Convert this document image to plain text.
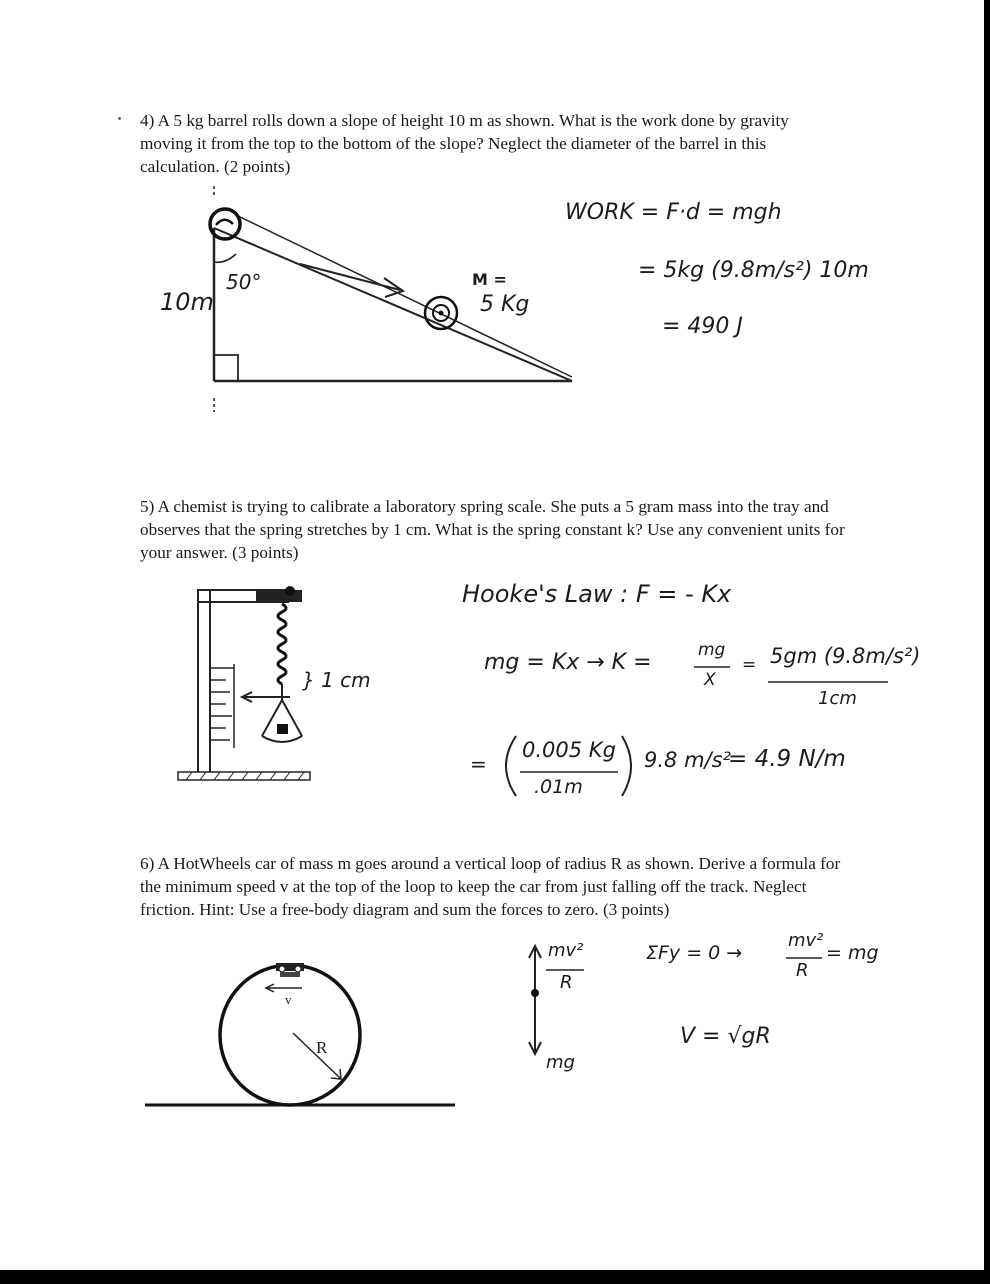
4) A 5 kg barrel rolls down a slope of height 10 m as shown. What is the work done by gravity moving it from the top to the bottom of the slope? Neglect the diameter of the barrel in this calculation. (2 points)

10m
50°	M =
5 Kg
WORK = F·d = mgh
= 5kg (9.8m/s²) 10m
= 490 J

5) A chemist is trying to calibrate a laboratory spring scale. She puts a 5 gram mass into the tray and observes that the spring stretches by 1 cm. What is the spring constant k? Use any convenient units for your answer. (3 points)

} 1 cm
Hooke's Law : F = - Kx
mg = Kx → K =	mg
X
= 5gm (9.8m/s²)
1cm
=
0.005 Kg
.01m
9.8 m/s²
= 4.9 N/m

6) A HotWheels car of mass m goes around a vertical loop of radius R as shown. Derive a formula for the minimum speed v at the top of the loop to keep the car from just falling off the track. Neglect friction. Hint: Use a free-body diagram and sum the forces to zero. (3 points)

v
R
mv²
R
mg
ΣFy = 0 →
mv²
R
= mg
V = √gR
